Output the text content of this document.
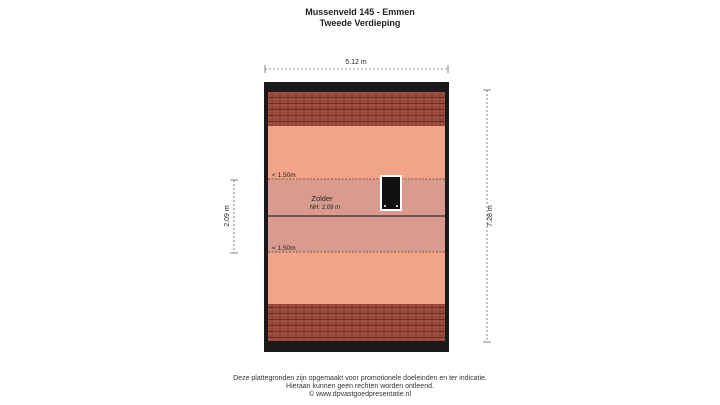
Mussenveld 145 - Emmen
Tweede Verdieping
5.12 m
7.28 m
2.09 m
< 1.50m
< 1.50m
Zolder
NH: 2.09 m
Deze plattegronden zijn opgemaakt voor promotionele doeleinden en ter indicatie.
Hieraan kunnen geen rechten worden ontleend.
© www.dpvastgoedpresentatie.nl
